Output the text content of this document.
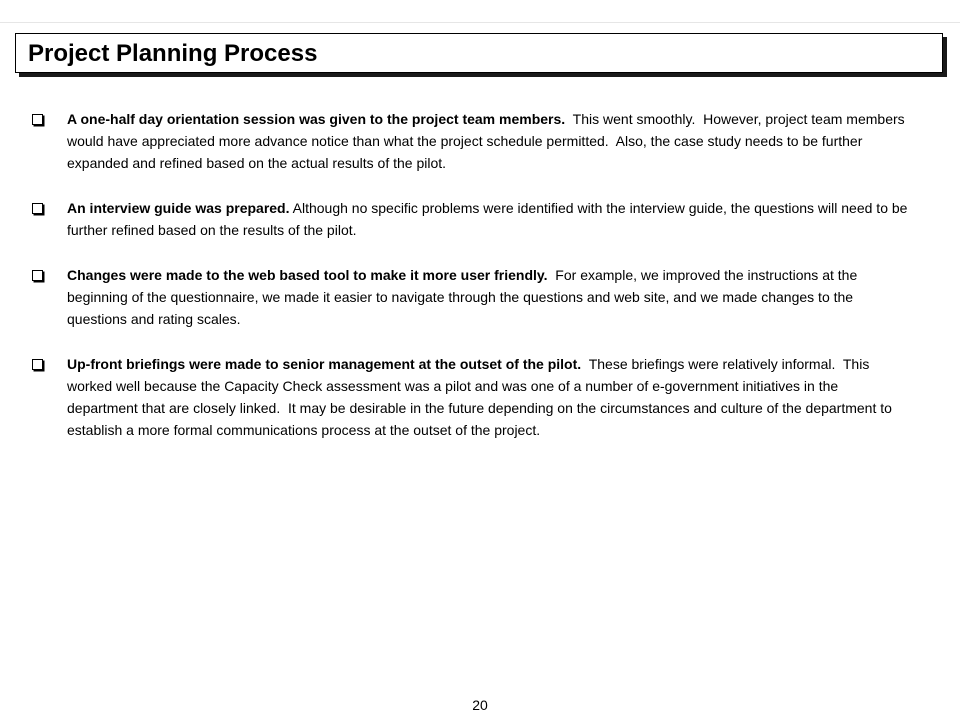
Project Planning Process
A one-half day orientation session was given to the project team members.  This went smoothly.  However, project team members would have appreciated more advance notice than what the project schedule permitted.  Also, the case study needs to be further expanded and refined based on the actual results of the pilot.
An interview guide was prepared. Although no specific problems were identified with the interview guide, the questions will need to be further refined based on the results of the pilot.
Changes were made to the web based tool to make it more user friendly.  For example, we improved the instructions at the beginning of the questionnaire, we made it easier to navigate through the questions and web site, and we made changes to the questions and rating scales.
Up-front briefings were made to senior management at the outset of the pilot.  These briefings were relatively informal.  This worked well because the Capacity Check assessment was a pilot and was one of a number of e-government initiatives in the department that are closely linked.  It may be desirable in the future depending on the circumstances and culture of the department to establish a more formal communications process at the outset of the project.
20
